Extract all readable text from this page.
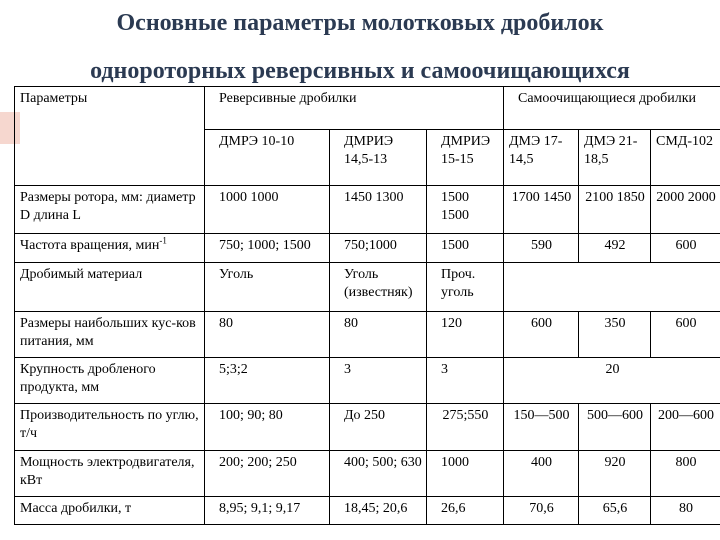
Основные параметры молотковых дробилок
Параметры	Реверсивные дробилки			Самоочищающиеся дробилки		
	ДМРЭ 10-10	ДМРИЭ 14,5-13	ДМРИЭ 15-15	ДМЭ 17-14,5	ДМЭ 21-18,5	СМД-102
Размеры ротора, мм: диаметр D длина L	1000 1000	1450 1300	1500 1500	1700 1450	2100 1850	2000 2000
Частота вращения, мин$^{-1}$	750; 1000; 1500	750;1000	1500	590	492	600
Дробимый материал	Уголь	Уголь (известняк)	Проч. уголь			
Размеры наибольших кус-ков питания, мм	80	80	120	600	350	600
Крупность дробленого продукта, мм	5;3;2	3	3	20		
Производительность по углю, т/ч	100; 90; 80	До 250	275;550	150—500	500—600	200—600
Мощность электродвигателя, кВт	200; 200; 250	400; 500; 630	1000	400	920	800
Масса дробилки, т	8,95; 9,1; 9,17	18,45; 20,6	26,6	70,6	65,6	80
однороторных реверсивных и самоочищающихся
